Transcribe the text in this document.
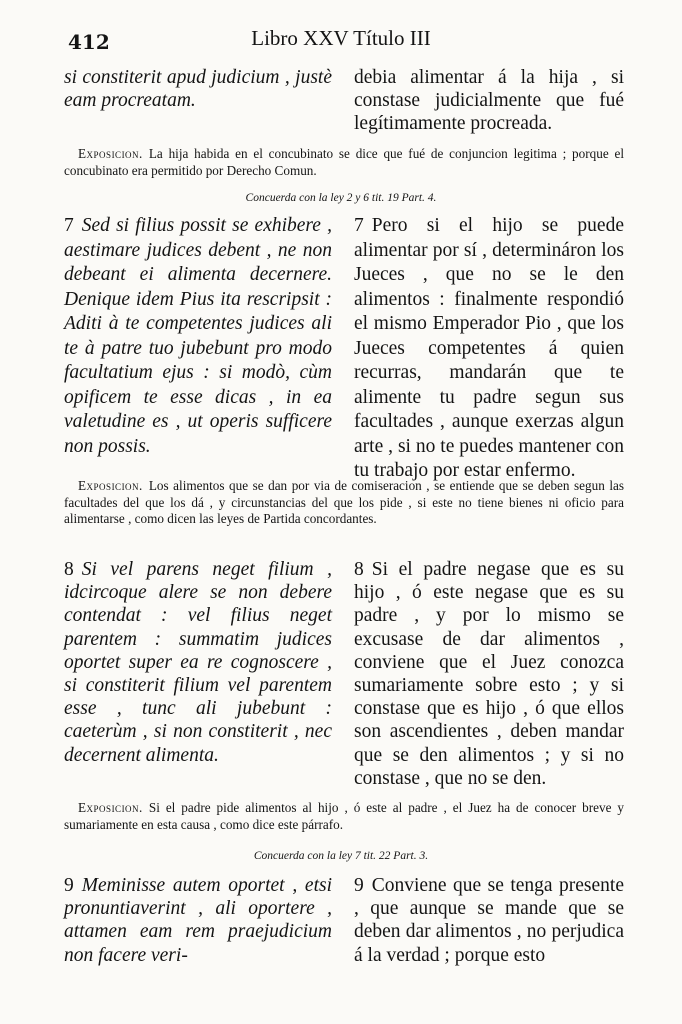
412	Libro XXV Título III
si constiterit apud judicium , justè eam procreatam.
debia alimentar á la hija , si constase judicialmente que fué legítimamente procreada.
Exposicion. La hija habida en el concubinato se dice que fué de conjuncion legitima ; porque el concubinato era permitido por Derecho Comun.
Concuerda con la ley 2 y 6 tit. 19 Part. 4.
7 Sed si filius possit se exhibere , aestimare judices debent , ne non debeant ei alimenta decernere. Denique idem Pius ita rescripsit : Aditi à te competentes judices ali te à patre tuo jubebunt pro modo facultatium ejus : si modò, cùm opificem te esse dicas , in ea valetudine es , ut operis sufficere non possis.
7 Pero si el hijo se puede alimentar por sí , determináron los Jueces , que no se le den alimentos : finalmente respondió el mismo Emperador Pio , que los Jueces competentes á quien recurras, mandarán que te alimente tu padre segun sus facultades , aunque exerzas algun arte , si no te puedes mantener con tu trabajo por estar enfermo.
Exposicion. Los alimentos que se dan por via de comiseracion , se entiende que se deben segun las facultades del que los dá , y circunstancias del que los pide , si este no tiene bienes ni oficio para alimentarse , como dicen las leyes de Partida concordantes.
8 Si vel parens neget filium , idcircoque alere se non debere contendat : vel filius neget parentem : summatim judices oportet super ea re cognoscere , si constiterit filium vel parentem esse , tunc ali jubebunt : caeterùm , si non constiterit , nec decernent alimenta.
8 Si el padre negase que es su hijo , ó este negase que es su padre , y por lo mismo se excusase de dar alimentos , conviene que el Juez conozca sumariamente sobre esto ; y si constase que es hijo , ó que ellos son ascendientes , deben mandar que se den alimentos ; y si no constase , que no se den.
Exposicion. Si el padre pide alimentos al hijo , ó este al padre , el Juez ha de conocer breve y sumariamente en esta causa , como dice este párrafo.
Concuerda con la ley 7 tit. 22 Part. 3.
9 Meminisse autem oportet , etsi pronuntiaverint , ali oportere , attamen eam rem praejudicium non facere veri-
9 Conviene que se tenga presente , que aunque se mande que se deben dar alimentos , no perjudica á la verdad ; porque esto
